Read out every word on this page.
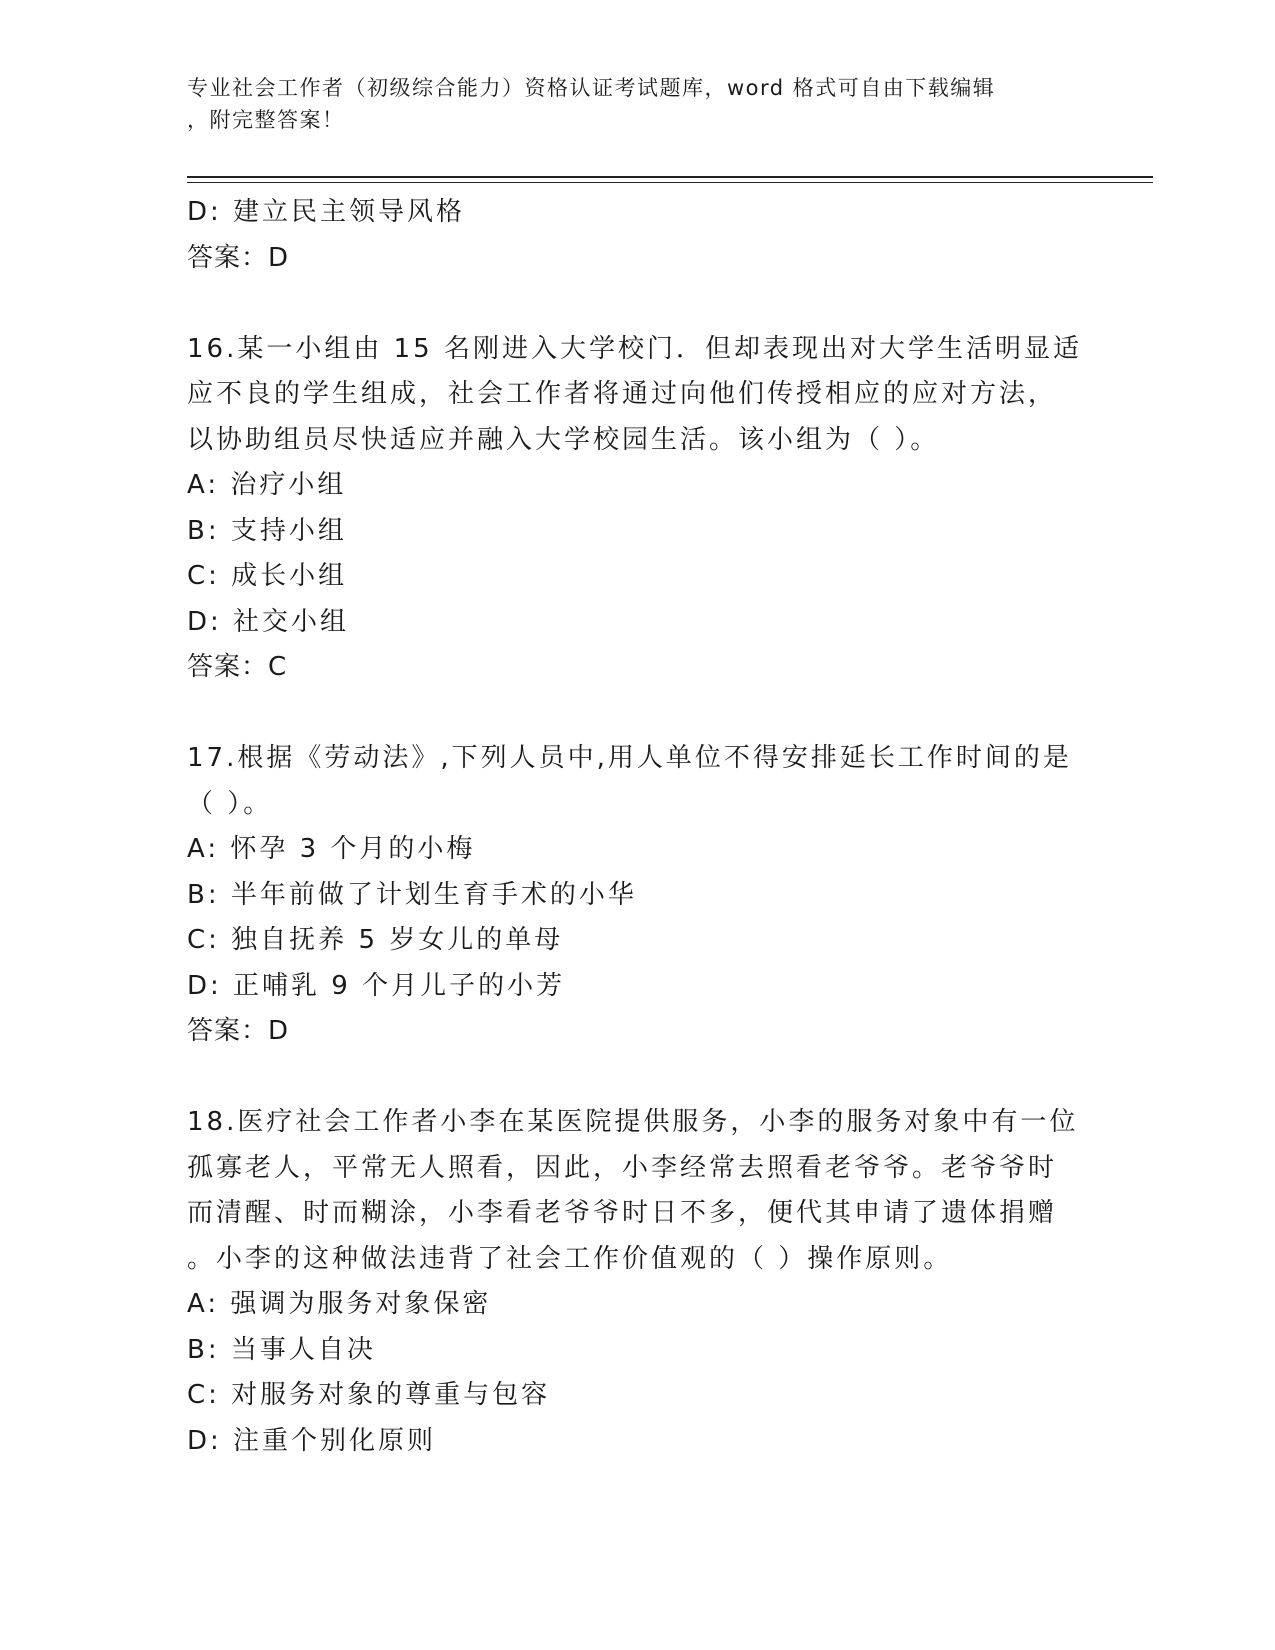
专业社会工作者（初级综合能力）资格认证考试题库，word 格式可自由下载编辑
，附完整答案！
D: 建立民主领导风格
答案：D
16.某一小组由 15 名刚进入大学校门．但却表现出对大学生活明显适
应不良的学生组成，社会工作者将通过向他们传授相应的应对方法，
以协助组员尽快适应并融入大学校园生活。该小组为（ ）。
A: 治疗小组
B: 支持小组
C: 成长小组
D: 社交小组
答案：C
17.根据《劳动法》,下列人员中,用人单位不得安排延长工作时间的是
（ ）。
A: 怀孕 3 个月的小梅
B: 半年前做了计划生育手术的小华
C: 独自抚养 5 岁女儿的单母
D: 正哺乳 9 个月儿子的小芳
答案：D
18.医疗社会工作者小李在某医院提供服务，小李的服务对象中有一位
孤寡老人，平常无人照看，因此，小李经常去照看老爷爷。老爷爷时
而清醒、时而糊涂，小李看老爷爷时日不多，便代其申请了遗体捐赠
。小李的这种做法违背了社会工作价值观的（ ）操作原则。
A: 强调为服务对象保密
B: 当事人自决
C: 对服务对象的尊重与包容
D: 注重个别化原则
